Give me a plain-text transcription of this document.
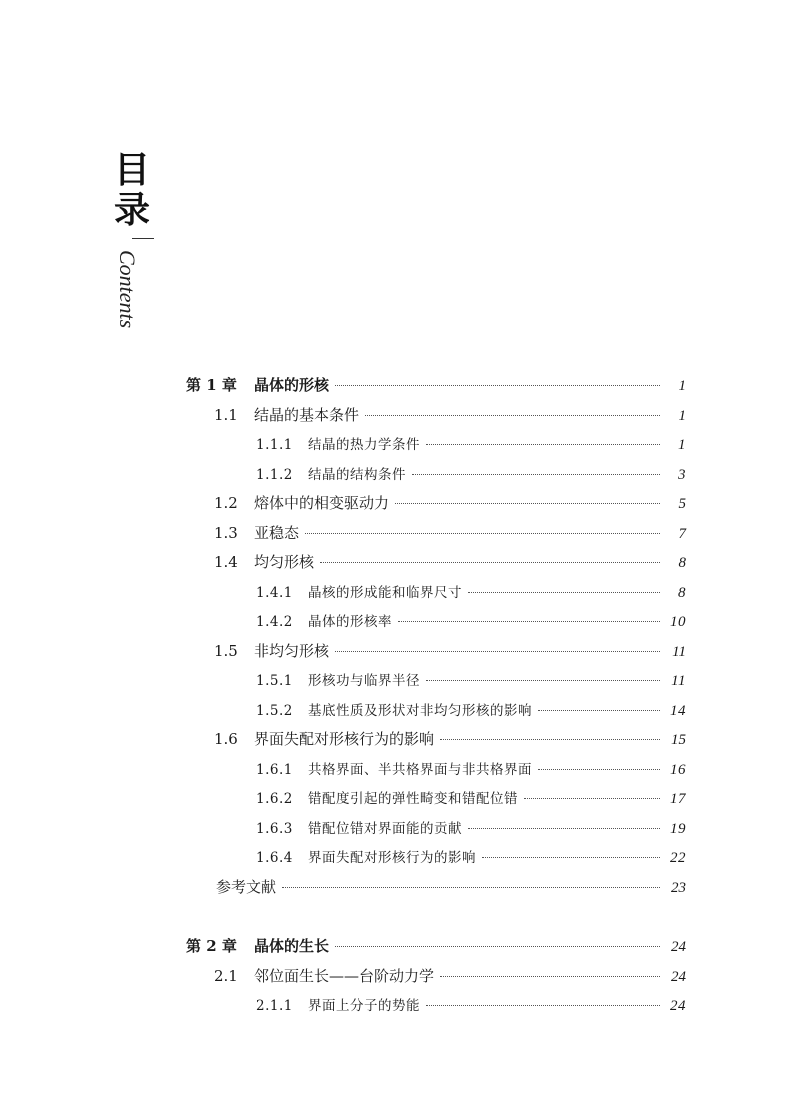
目
录
Contents
第 1 章	晶体的形核	1
1.1	结晶的基本条件	1
1.1.1	结晶的热力学条件	1
1.1.2	结晶的结构条件	3
1.2	熔体中的相变驱动力	5
1.3	亚稳态	7
1.4	均匀形核	8
1.4.1	晶核的形成能和临界尺寸	8
1.4.2	晶体的形核率	10
1.5	非均匀形核	11
1.5.1	形核功与临界半径	11
1.5.2	基底性质及形状对非均匀形核的影响	14
1.6	界面失配对形核行为的影响	15
1.6.1	共格界面、半共格界面与非共格界面	16
1.6.2	错配度引起的弹性畸变和错配位错	17
1.6.3	错配位错对界面能的贡献	19
1.6.4	界面失配对形核行为的影响	22
参考文献	23
第 2 章	晶体的生长	24
2.1	邻位面生长——台阶动力学	24
2.1.1	界面上分子的势能	24
